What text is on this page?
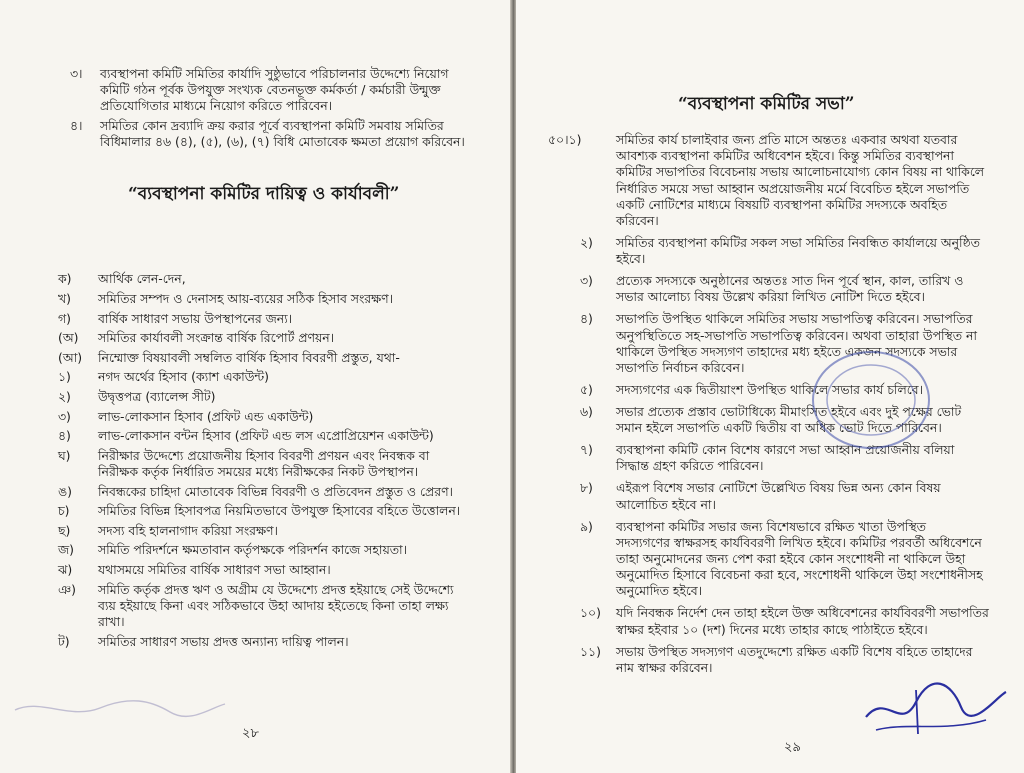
৩। ব্যবস্থাপনা কমিটি সমিতির কার্যাদি সুষ্ঠুভাবে পরিচালনার উদ্দেশ্যে নিয়োগ
কমিটি গঠন পূর্বক উপযুক্ত সংখ্যক বেতনভূক্ত কর্মকর্তা / কর্মচারী উন্মুক্ত
প্রতিযোগিতার মাধ্যমে নিয়োগ করিতে পারিবেন।
৪। সমিতির কোন দ্রব্যাদি ক্রয় করার পূর্বে ব্যবস্থাপনা কমিটি সমবায় সমিতির
বিধিমালার ৪৬ (৪), (৫), (৬), (৭) বিধি মোতাবেক ক্ষমতা প্রয়োগ করিবেন।
“ব্যবস্থাপনা কমিটির দায়িত্ব ও কার্যাবলী”
ক) আর্থিক লেন-দেন,
খ) সমিতির সম্পদ ও দেনাসহ আয়-ব্যয়ের সঠিক হিসাব সংরক্ষণ।
গ) বার্ষিক সাধারণ সভায় উপস্থাপনের জন্য।
(অ) সমিতির কার্যাবলী সংক্রান্ত বার্ষিক রিপোর্ট প্রণয়ন।
(আ) নিম্মোক্ত বিষয়াবলী সম্বলিত বার্ষিক হিসাব বিবরণী প্রস্তুত, যথা-
১) নগদ অর্থের হিসাব (ক্যাশ একাউন্ট)
২) উদ্বৃত্তপত্র (ব্যালেন্স সীট)
৩) লাভ-লোকসান হিসাব (প্রফিট এন্ড একাউন্ট)
৪) লাভ-লোকসান বন্টন হিসাব (প্রফিট এন্ড লস এপ্রোপ্রিয়েশন একাউন্ট)
ঘ) নিরীক্ষার উদ্দেশ্যে প্রয়োজনীয় হিসাব বিবরণী প্রণয়ন এবং নিবন্ধক বা
নিরীক্ষক কর্তৃক নির্ধারিত সময়ের মধ্যে নিরীক্ষকের নিকট উপস্থাপন।
ঙ) নিবন্ধকের চাহিদা মোতাবেক বিভিন্ন বিবরণী ও প্রতিবেদন প্রস্তুত ও প্রেরণ।
চ) সমিতির বিভিন্ন হিসাবপত্র নিয়মিতভাবে উপযুক্ত হিসাবের বহিতে উত্তোলন।
ছ) সদস্য বহি হালনাগাদ করিয়া সংরক্ষণ।
জ) সমিতি পরিদর্শনে ক্ষমতাবান কর্তৃপক্ষকে পরিদর্শন কাজে সহায়তা।
ঝ) যথাসময়ে সমিতির বার্ষিক সাধারণ সভা আহ্বান।
ঞ) সমিতি কর্তৃক প্রদত্ত ঋণ ও অগ্রীম যে উদ্দেশ্যে প্রদত্ত হইয়াছে সেই উদ্দেশ্যে
ব্যয় হইয়াছে কিনা এবং সঠিকভাবে উহা আদায় হইতেছে কিনা তাহা লক্ষ্য
রাখা।
ট) সমিতির সাধারণ সভায় প্রদত্ত অন্যান্য দায়িত্ব পালন।
২৮
“ব্যবস্থাপনা কমিটির সভা”
৫০।১)	সমিতির কার্য চালাইবার জন্য প্রতি মাসে অন্ততঃ একবার অথবা যতবার
আবশ্যক ব্যবস্থাপনা কমিটির অধিবেশন হইবে। কিন্তু সমিতির ব্যবস্থাপনা
কমিটির সভাপতির বিবেচনায় সভায় আলোচনাযোগ্য কোন বিষয় না থাকিলে
নির্ধারিত সময়ে সভা আহ্বান অপ্রয়োজনীয় মর্মে বিবেচিত হইলে সভাপতি
একটি নোটিশের মাধ্যমে বিষয়টি ব্যবস্থাপনা কমিটির সদস্যকে অবহিত
করিবেন।
২) সমিতির ব্যবস্থাপনা কমিটির সকল সভা সমিতির নিবন্ধিত কার্যালয়ে অনুষ্ঠিত
হইবে।
৩) প্রত্যেক সদস্যকে অনুষ্ঠানের অন্ততঃ সাত দিন পূর্বে স্থান, কাল, তারিখ ও
সভার আলোচ্য বিষয় উল্লেখ করিয়া লিখিত নোটিশ দিতে হইবে।
৪) সভাপতি উপস্থিত থাকিলে সমিতির সভায় সভাপতিত্ব করিবেন। সভাপতির
অনুপস্থিতিতে সহ-সভাপতি সভাপতিত্ব করিবেন। অথবা তাহারা উপস্থিত না
থাকিলে উপস্থিত সদস্যগণ তাহাদের মধ্য হইতে একজন সদস্যকে সভার
সভাপতি নির্বাচন করিবেন।
৫) সদস্যগণের এক দ্বিতীয়াংশ উপস্থিত থাকিলে সভার কার্য চলিবে।
৬) সভার প্রত্যেক প্রস্তাব ভোটাধিক্যে মীমাংসিত হইবে এবং দুই পক্ষের ভোট
সমান হইলে সভাপতি একটি দ্বিতীয় বা অধিক ভোট দিতে পারিবেন।
৭) ব্যবস্থাপনা কমিটি কোন বিশেষ কারণে সভা আহ্বান প্রয়োজনীয় বলিয়া
সিদ্ধান্ত গ্রহণ করিতে পারিবেন।
৮) এইরূপ বিশেষ সভার নোটিশে উল্লেখিত বিষয় ভিন্ন অন্য কোন বিষয়
আলোচিত হইবে না।
৯) ব্যবস্থাপনা কমিটির সভার জন্য বিশেষভাবে রক্ষিত খাতা উপস্থিত
সদস্যগণের স্বাক্ষরসহ কার্যবিবরণী লিখিত হইবে। কমিটির পরবর্তী অধিবেশনে
তাহা অনুমোদনের জন্য পেশ করা হইবে কোন সংশোধনী না থাকিলে উহা
অনুমোদিত হিসাবে বিবেচনা করা হবে, সংশোধনী থাকিলে উহা সংশোধনীসহ
অনুমোদিত হইবে।
১০) যদি নিবন্ধক নির্দেশ দেন তাহা হইলে উক্ত অধিবেশনের কার্যবিবরণী সভাপতির
স্বাক্ষর হইবার ১০ (দশ) দিনের মধ্যে তাহার কাছে পাঠাইতে হইবে।
১১) সভায় উপস্থিত সদস্যগণ এতদুদ্দেশ্যে রক্ষিত একটি বিশেষ বহিতে তাহাদের
নাম স্বাক্ষর করিবেন।
২৯
